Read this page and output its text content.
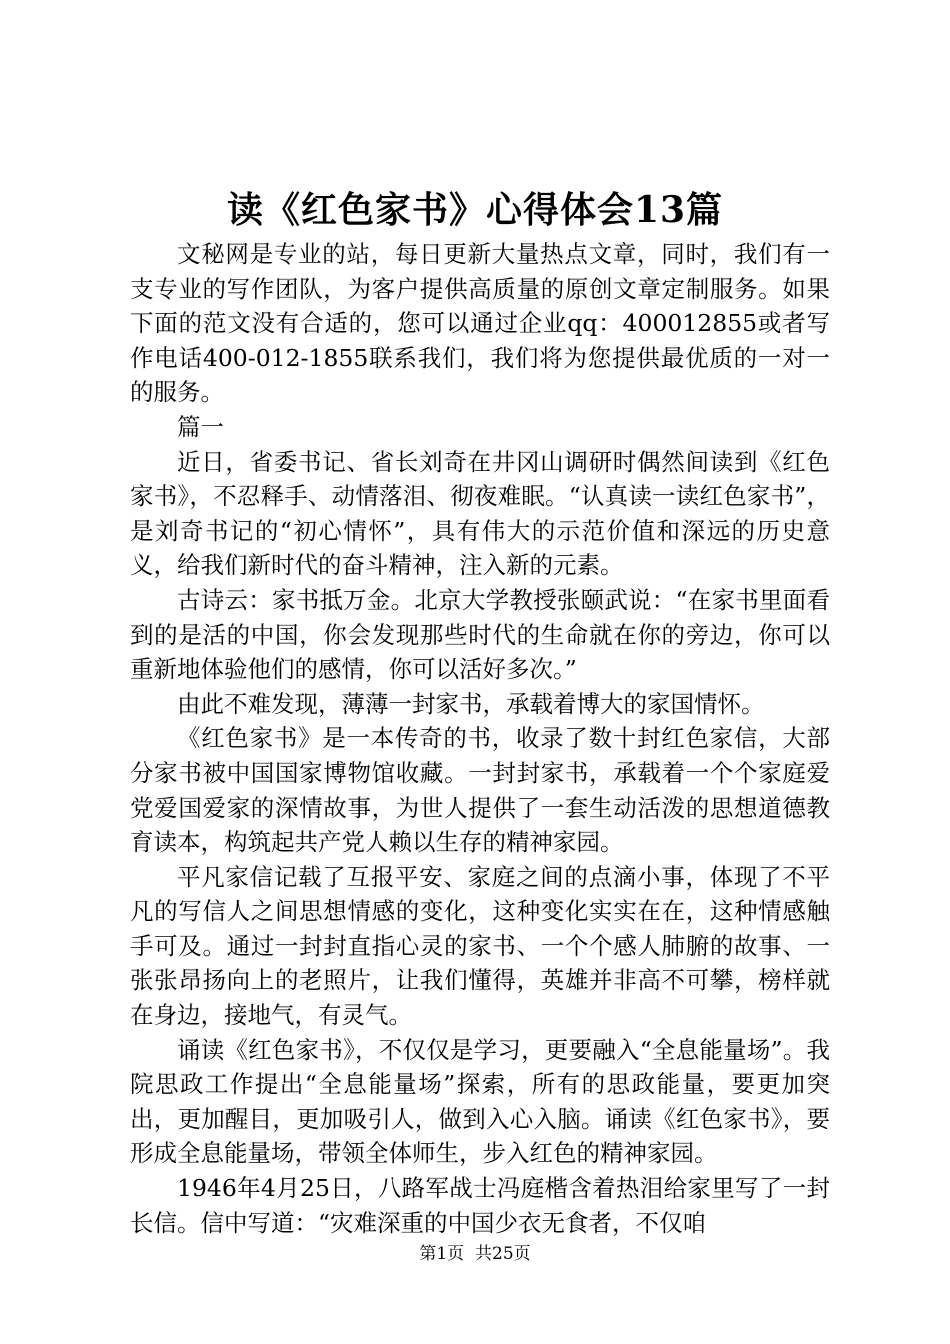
读《红色家书》心得体会13篇

文秘网是专业的站，每日更新大量热点文章，同时，我们有一支专业的写作团队，为客户提供高质量的原创文章定制服务。如果下面的范文没有合适的，您可以通过企业qq：400012855或者写作电话400-012-1855联系我们，我们将为您提供最优质的一对一的服务。

篇一

近日，省委书记、省长刘奇在井冈山调研时偶然间读到《红色家书》，不忍释手、动情落泪、彻夜难眠。“认真读一读红色家书”，是刘奇书记的“初心情怀”，具有伟大的示范价值和深远的历史意义，给我们新时代的奋斗精神，注入新的元素。

古诗云：家书抵万金。北京大学教授张颐武说：“在家书里面看到的是活的中国，你会发现那些时代的生命就在你的旁边，你可以重新地体验他们的感情，你可以活好多次。”

由此不难发现，薄薄一封家书，承载着博大的家国情怀。

《红色家书》是一本传奇的书，收录了数十封红色家信，大部分家书被中国国家博物馆收藏。一封封家书，承载着一个个家庭爱党爱国爱家的深情故事，为世人提供了一套生动活泼的思想道德教育读本，构筑起共产党人赖以生存的精神家园。

平凡家信记载了互报平安、家庭之间的点滴小事，体现了不平凡的写信人之间思想情感的变化，这种变化实实在在，这种情感触手可及。通过一封封直指心灵的家书、一个个感人肺腑的故事、一张张昂扬向上的老照片，让我们懂得，英雄并非高不可攀，榜样就在身边，接地气，有灵气。

诵读《红色家书》，不仅仅是学习，更要融入“全息能量场”。我院思政工作提出“全息能量场”探索，所有的思政能量，要更加突出，更加醒目，更加吸引人，做到入心入脑。诵读《红色家书》，要形成全息能量场，带领全体师生，步入红色的精神家园。

1946年4月25日，八路军战士冯庭楷含着热泪给家里写了一封长信。信中写道：“灾难深重的中国少衣无食者，不仅咱

第1页 共25页
